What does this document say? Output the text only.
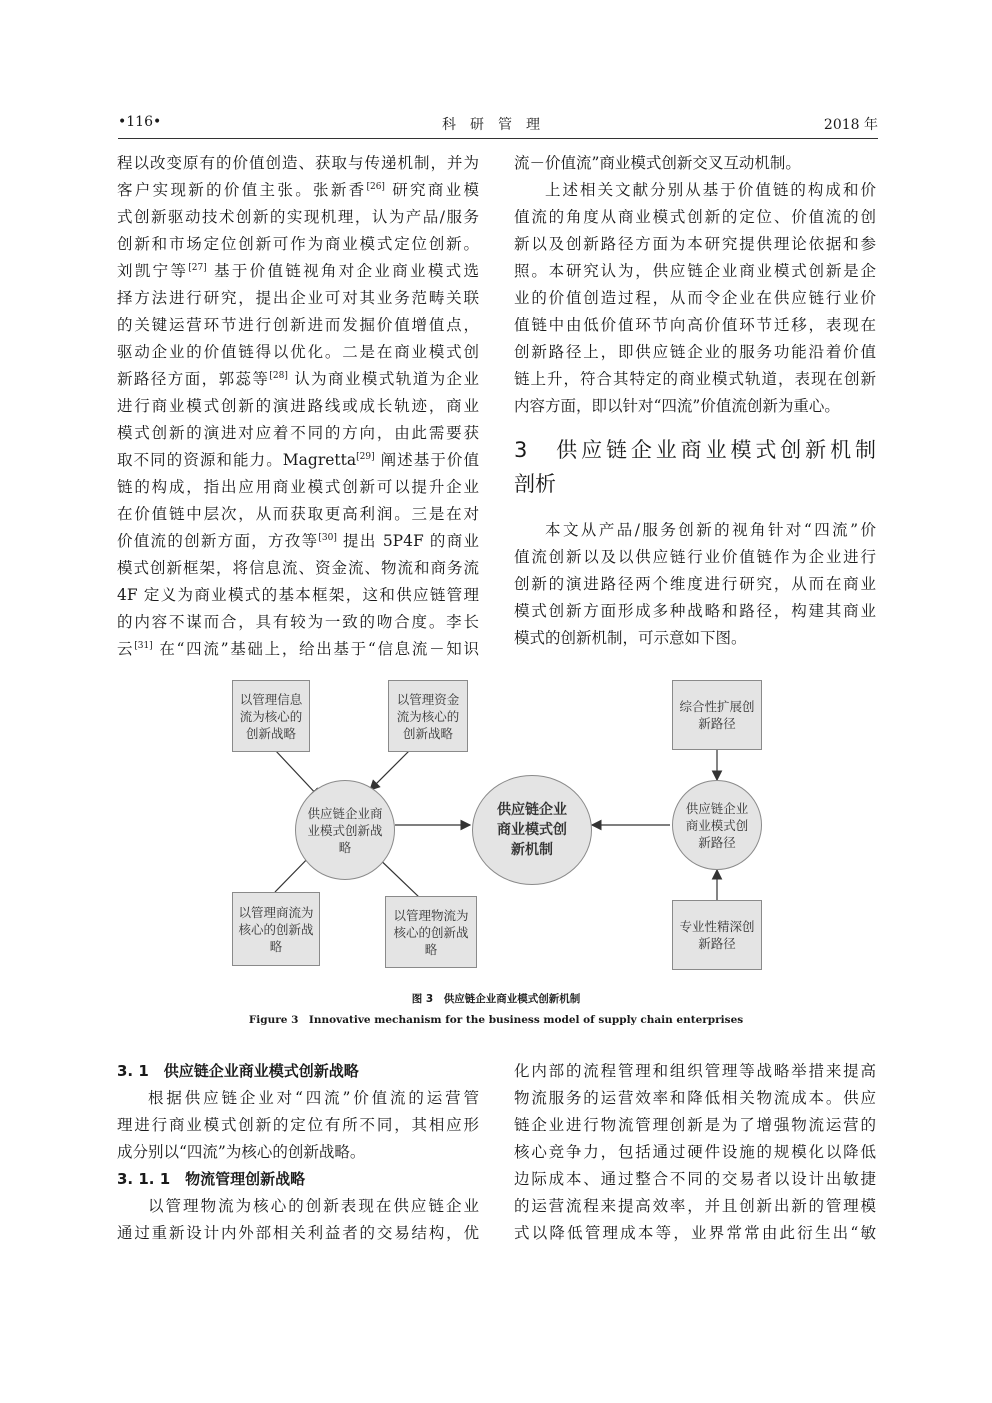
•116•	科研管理	2018 年
程以改变原有的价值创造、获取与传递机制，并为
客户实现新的价值主张。张新香[26] 研究商业模
式创新驱动技术创新的实现机理，认为产品/服务
创新和市场定位创新可作为商业模式定位创新。
刘凯宁等[27] 基于价值链视角对企业商业模式选
择方法进行研究，提出企业可对其业务范畴关联
的关键运营环节进行创新进而发掘价值增值点，
驱动企业的价值链得以优化。二是在商业模式创
新路径方面，郭蕊等[28] 认为商业模式轨道为企业
进行商业模式创新的演进路线或成长轨迹，商业
模式创新的演进对应着不同的方向，由此需要获
取不同的资源和能力。Magretta[29] 阐述基于价值
链的构成，指出应用商业模式创新可以提升企业
在价值链中层次，从而获取更高利润。三是在对
价值流的创新方面，方孜等[30] 提出 5P4F 的商业
模式创新框架，将信息流、资金流、物流和商务流
4F 定义为商业模式的基本框架，这和供应链管理
的内容不谋而合，具有较为一致的吻合度。李长
云[31] 在“四流”基础上，给出基于“信息流－知识
流－价值流”商业模式创新交叉互动机制。
上述相关文献分别从基于价值链的构成和价
值流的角度从商业模式创新的定位、价值流的创
新以及创新路径方面为本研究提供理论依据和参
照。本研究认为，供应链企业商业模式创新是企
业的价值创造过程，从而令企业在供应链行业价
值链中由低价值环节向高价值环节迁移，表现在
创新路径上，即供应链企业的服务功能沿着价值
链上升，符合其特定的商业模式轨道，表现在创新
内容方面，即以针对“四流”价值流创新为重心。
3　供应链企业商业模式创新机制
剖析
本文从产品/服务创新的视角针对“四流”价
值流创新以及以供应链行业价值链作为企业进行
创新的演进路径两个维度进行研究，从而在商业
模式创新方面形成多种战略和路径，构建其商业
模式的创新机制，可示意如下图。
以管理信息流为核心的创新战略
以管理资金流为核心的创新战略
以管理商流为核心的创新战略
以管理物流为核心的创新战略
供应链企业商业模式创新战略
供应链企业商业模式创新机制
供应链企业商业模式创新路径
综合性扩展创新路径
专业性精深创新路径
图 3　供应链企业商业模式创新机制
Figure 3　Innovative mechanism for the business model of supply chain enterprises
3. 1　供应链企业商业模式创新战略
根据供应链企业对“四流”价值流的运营管
理进行商业模式创新的定位有所不同，其相应形
成分别以“四流”为核心的创新战略。
3. 1. 1　物流管理创新战略
以管理物流为核心的创新表现在供应链企业
通过重新设计内外部相关利益者的交易结构，优
化内部的流程管理和组织管理等战略举措来提高
物流服务的运营效率和降低相关物流成本。供应
链企业进行物流管理创新是为了增强物流运营的
核心竞争力，包括通过硬件设施的规模化以降低
边际成本、通过整合不同的交易者以设计出敏捷
的运营流程来提高效率，并且创新出新的管理模
式以降低管理成本等，业界常常由此衍生出“敏
